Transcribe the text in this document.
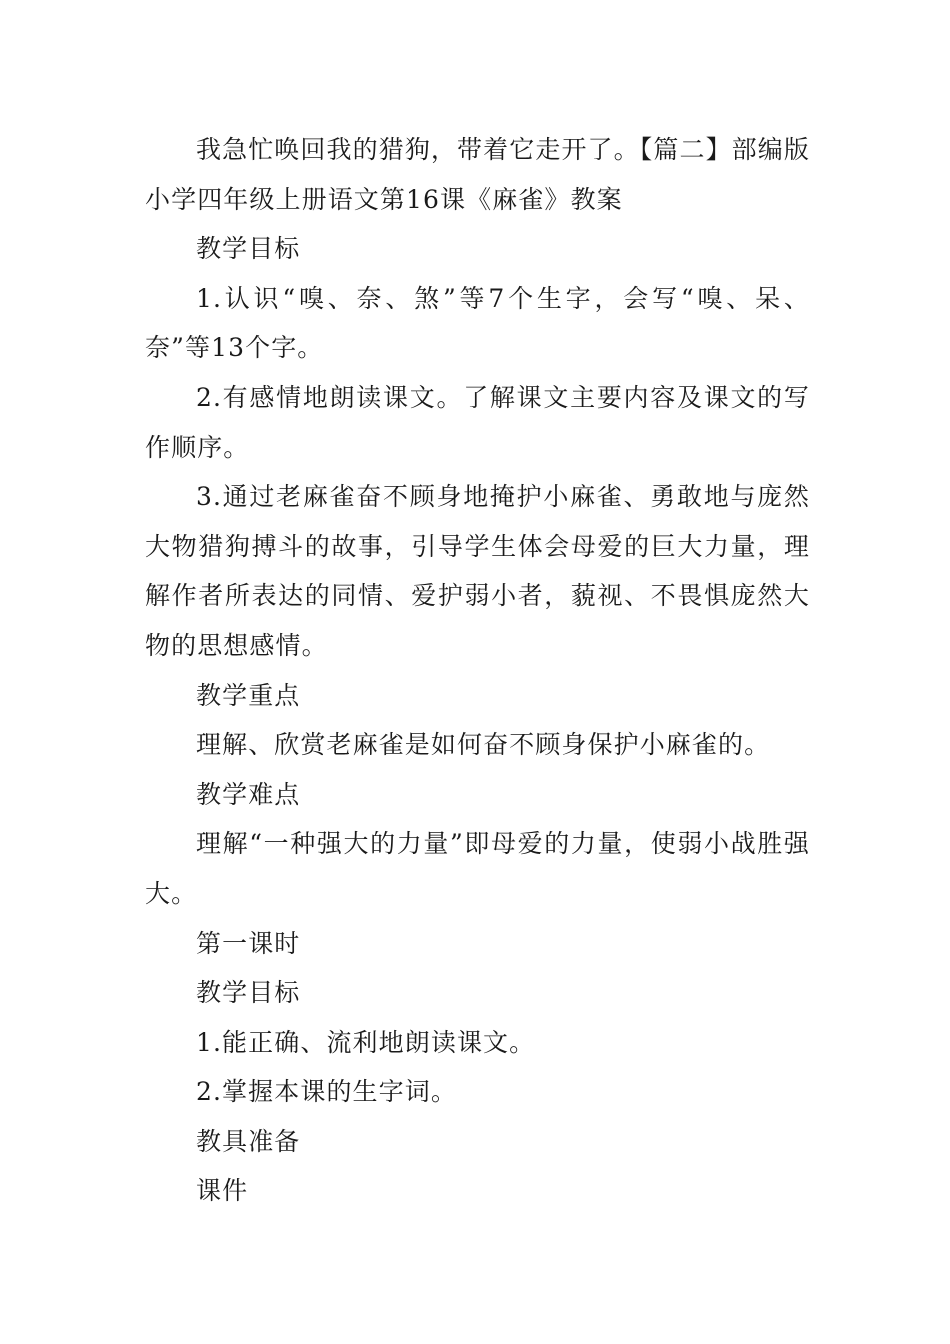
我急忙唤回我的猎狗，带着它走开了。【篇二】部编版小学四年级上册语文第16课《麻雀》教案

教学目标

1.认识“嗅、奈、煞”等7个生字，会写“嗅、呆、奈”等13个字。

2.有感情地朗读课文。了解课文主要内容及课文的写作顺序。

3.通过老麻雀奋不顾身地掩护小麻雀、勇敢地与庞然大物猎狗搏斗的故事，引导学生体会母爱的巨大力量，理解作者所表达的同情、爱护弱小者，藐视、不畏惧庞然大物的思想感情。

教学重点

理解、欣赏老麻雀是如何奋不顾身保护小麻雀的。

教学难点

理解“一种强大的力量”即母爱的力量，使弱小战胜强大。

第一课时

教学目标

1.能正确、流利地朗读课文。

2.掌握本课的生字词。

教具准备

课件
